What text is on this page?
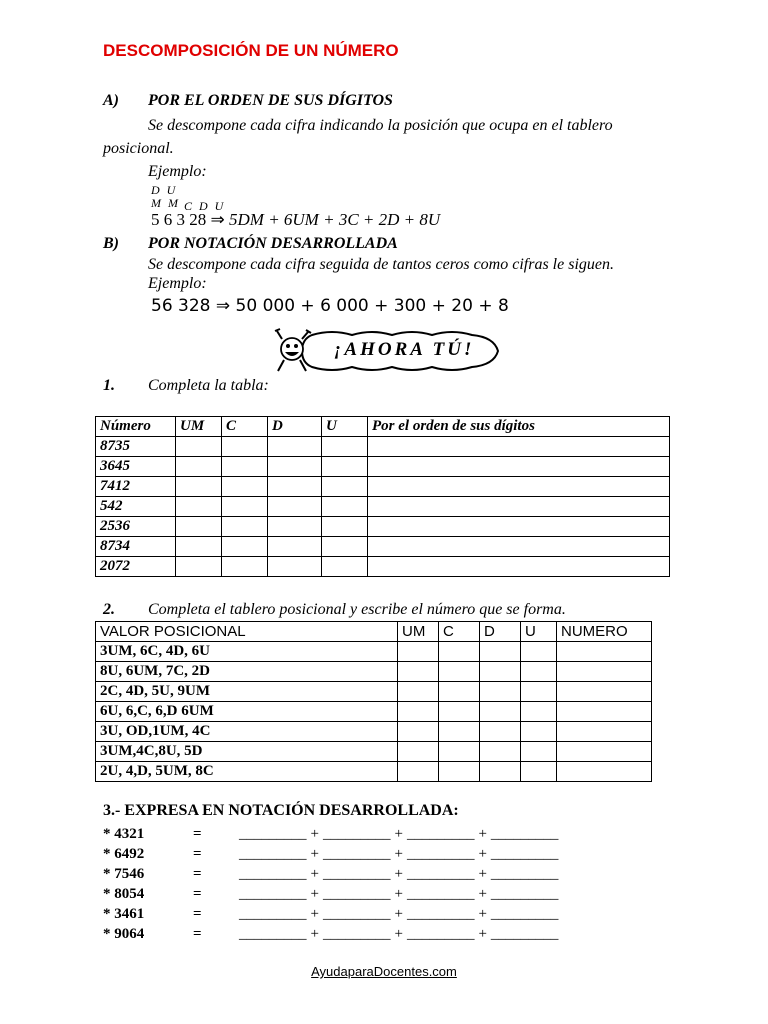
DESCOMPOSICIÓN DE UN NÚMERO
A) POR EL ORDEN DE SUS DÍGITOS
Se descompone cada cifra indicando la posición que ocupa en el tablero
posicional.
Ejemplo:
D U
M M C D U
5 6 3 28 ⇒ 5DM + 6UM + 3C + 2D + 8U
B) POR NOTACIÓN DESARROLLADA
Se descompone cada cifra seguida de tantos ceros como cifras le siguen.
Ejemplo:
56 328 ⇒ 50 000 + 6 000 + 300 + 20 + 8
¡AHORA TÚ!
1. Completa la tabla:
Número	UM	C	D	U	Por el orden de sus dígitos
8735					
3645					
7412					
542					
2536					
8734					
2072					
2. Completa el tablero posicional y escribe el número que se forma.
VALOR POSICIONAL	UM	C	D	U	NUMERO
3UM, 6C, 4D, 6U					
8U, 6UM, 7C, 2D					
2C, 4D, 5U, 9UM					
6U, 6,C, 6,D 6UM					
3U, OD,1UM, 4C					
3UM,4C,8U, 5D					
2U, 4,D, 5UM, 8C					
3.- EXPRESA EN NOTACIÓN DESARROLLADA:
* 4321	= _________ + _________ + _________ + _________
* 6492	= _________ + _________ + _________ + _________
* 7546	= _________ + _________ + _________ + _________
* 8054	= _________ + _________ + _________ + _________
* 3461	= _________ + _________ + _________ + _________
* 9064	= _________ + _________ + _________ + _________
AyudaparaDocentes.com
